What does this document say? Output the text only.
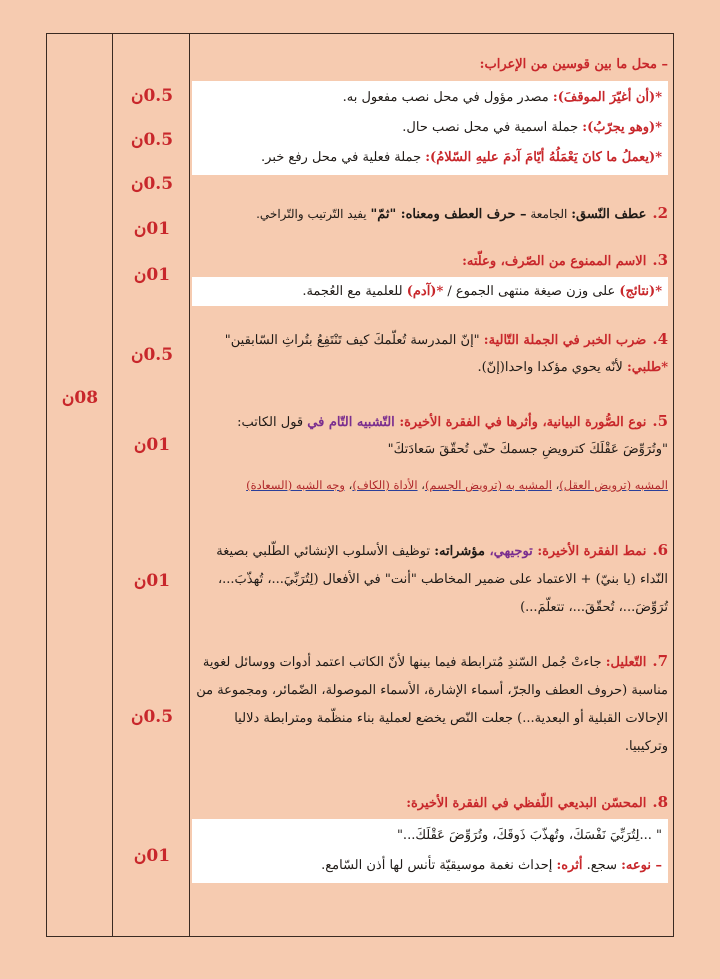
08ن
0.5ن
0.5ن
0.5ن
01ن
01ن
0.5ن
01ن
01ن
0.5ن
01ن
– محل ما بين قوسين من الإعراب:
*(أن أغيّرَ الموقفَ): مصدر مؤول في محل نصب مفعول به.
*(وهو يجرّبُ): جملة اسمية في محل نصب حال.
*(يعملُ ما كانَ يَعْمَلُهُ أيّامَ آدمَ عليهِ السّلامُ): جملة فعلية في محل رفع خبر.
2.عطف النّسق: الجامعة – حرف العطف ومعناه: "ثمّ" يفيد التّرتيب والتّراخي.
3.الاسم الممنوع من الصّرف، وعلّته:
*(نتائج) على وزن صيغة منتهى الجموع / *(آدم) للعلمية مع العُجمة.
4.ضرب الخبر في الجملة التّالية: "إنّ المدرسة تُعلّمكَ كيف تَنْتَفِعُ بتُراثِ السّابقين" *طلبي: لأنّه يحوي مؤكدا واحدا(إنّ).
5.نوع الصُّورة البيانية، وأثرها في الفقرة الأخيرة: التّشبيه التّام في قول الكاتب: "وتُرَوِّضَ عَقْلَكَ كترويضِ جسمكَ حتّى تُحقّقَ سَعادَتكَ"
المشبه (ترويض العقل)، المشبه به (ترويض الجسم)، الأداة (الكاف)، وجه الشبه (السعادة)
6.نمط الفقرة الأخيرة: توجيهي، مؤشراته: توظيف الأسلوب الإنشائي الطّلبي بصيغة النّداء (يا بنيّ) + الاعتماد على ضمير المخاطب "أنت" في الأفعال (لِتُرَبِّيَ...، تُهذّبَ...، تُرَوِّضَ...، تُحقّقَ...، تتعلّمَ...)
7.التّعليل: جاءتْ جُمل السّندِ مُترابطة فيما بينها لأنّ الكاتب اعتمد أدوات ووسائل لغوية مناسبة (حروف العطف والجرّ، أسماء الإشارة، الأسماء الموصولة، الضّمائر، ومجموعة من الإحالات القبلية أو البعدية...) جعلت النّص يخضع لعملية بناء منظّمة ومترابطة دلاليا وتركيبيا.
8.المحسّن البديعي اللّفظي في الفقرة الأخيرة:
" ...لِتُرَبِّيَ نَفْسَكَ، وتُهذّبَ ذَوقَكَ، وتُرَوِّضَ عَقْلَكَ..."
– نوعه: سجع. أثره: إحداث نغمة موسيقيّة تأنس لها أذن السّامع.
